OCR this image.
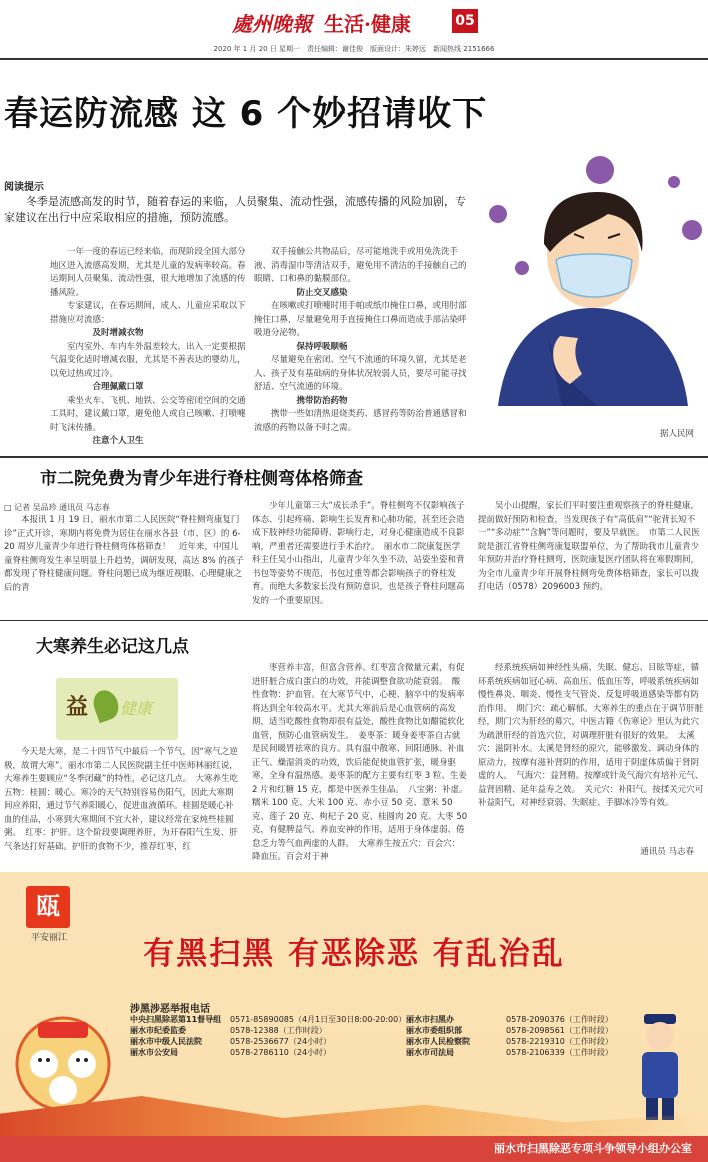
處州晚報 生活·健康	05
2020 年 1 月 20 日 星期一　责任编辑：谢佳俊　版面设计：朱婷远　新闻热线 2151666
春运防流感 这 6 个妙招请收下
阅读提示
冬季是流感高发的时节，随着春运的来临，人员聚集、流动性强，流感传播的风险加剧，专家建议在出行中应采取相应的措施，预防流感。

一年一度的春运已经来临，而现阶段全国大部分地区进入流感高发期，尤其是儿童的发病率较高。春运期间人员聚集、流动性强，很大地增加了流感的传播风险。

专家建议，在春运期间，成人、儿童应采取以下措施应对流感：

及时增减衣物

室内室外、车内车外温差较大，出入一定要根据气温变化适时增减衣服，尤其是不善表达的婴幼儿，以免过热或过冷。

合理佩戴口罩

乘坐火车、飞机、地铁、公交等密闭空间的交通工具时，建议戴口罩，避免他人或自己咳嗽、打喷嚏时飞沫传播。

注意个人卫生

双手接触公共物品后，尽可能地洗手或用免洗洗手液、消毒湿巾等清洁双手，避免用不清洁的手接触自己的眼睛、口和鼻的黏膜部位。

防止交叉感染

在咳嗽或打喷嚏时用手帕或纸巾掩住口鼻，或用肘部掩住口鼻，尽量避免用手直接掩住口鼻而造成手部沾染呼吸道分泌物。

保持呼吸顺畅

尽量避免在密闭、空气不流通的环境久留，尤其是老人、孩子及有基础病的身体状况较弱人员，要尽可能寻找舒适、空气流通的环境。

携带防治药物

携带一些如清热退烧类药、感冒药等防治普通感冒和流感的药物以备不时之需。

据人民网

市二院免费为青少年进行脊柱侧弯体格筛查
□ 记者 吴品珍 通讯员 马志春

本报讯 1 月 19 日，丽水市第二人民医院“脊柱侧弯康复门诊”正式开诊，寒期内将免费为居住在丽水各县（市、区）的 6-20 周岁儿童青少年进行脊柱侧弯体格筛查！　近年来，中国儿童脊柱侧弯发生率呈明显上升趋势，调研发现，高达 8% 的孩子都发现了脊柱健康问题。脊柱问题已成为继近视眼、心理健康之后的青

少年儿童第三大“成长杀手”。脊柱侧弯不仅影响孩子体态、引起疼痛、影响生长发育和心肺功能，甚至还会造成下肢神经功能障碍、影响行走，对身心健康造成不良影响，严重者还需要进行手术治疗。　丽水市二院康复医学科主任吴小山指出，儿童青少年久坐不动，站姿坐姿和背书包等姿势不规范，书包过重等都会影响孩子的脊柱发育。而绝大多数家长没有预防意识，也是孩子脊柱问题高发的一个重要原因。

吴小山提醒，家长们平时要注重观察孩子的脊柱健康，提前做好预防和检查，当发现孩子有“高低肩”“驼背长短不一”“多动症”“含胸”等问题时，要及早就医。　市第二人民医院是浙江省脊柱侧弯康复联盟单位，为了帮助我市儿童青少年预防并治疗脊柱侧弯，医院康复医疗团队将在寒假期间，为全市儿童青少年开展脊柱侧弯免费体格筛查，家长可以拨打电话（0578）2096003 预约。

大寒养生必记这几点
益 健康

今天是大寒，是二十四节气中最后一个节气，因“寒气之逆极，故谓大寒”。丽水市第二人民医院副主任中医师林丽红说，大寒养生要顾应“冬季闭藏”的特性，必记这几点。　大寒养生吃五物：桂圆：暖心。寒冷的天气特别容易伤阳气，因此大寒期间应养阳，通过节气养阳暖心，促进血液循环。桂圆是暖心补血的佳品，小寒到大寒期间不宜大补，建议经常在家炖些桂圆粥。　红枣：护肝。这个阶段要调理养肝，为开春阳气生发、肝气条达打好基础。护肝的食物不少，推荐红枣，红

枣营养丰富，但富含营养。红枣富含微量元素，有促进肝脏合成白蛋白的功效，并能调整食欲功能衰弱。　酸性食物：护血管。在大寒节气中，心梗、脑卒中的发病率将达到全年较高水平。尤其大寒前后是心血管病的高发期，适当吃酸性食物却很有益处，酸性食物比如醋能软化血管，预防心血管病发生。　姜枣茶：暖身姜枣茶自古就是民间暖胃祛寒的良方。具有温中散寒、回阳通脉、补血正气、燥湿消炎的功效，饮后能促使血管扩张，暖身驱寒，全身有温热感。姜枣茶的配方主要有红枣 3 粒、生姜 2 片和红糖 15 克，都是中医养生佳品。　八宝粥：补虚。糯米 100 克、大米 100 克、赤小豆 50 克、薏米 50 克、莲子 20 克、枸杞子 20 克、桂圆肉 20 克、大枣 50 克，有健脾益气、养血安神的作用，适用于身体虚弱、倦怠乏力等气血两虚的人群。　大寒养生按五穴：百会穴：降血压。百会对于神

经系统疾病如神经性头痛、失眠、健忘、目眩等症，循环系统疾病如冠心病、高血压、低血压等，呼吸系统疾病如慢性鼻炎、咽炎、慢性支气管炎、反复呼吸道感染等都有防治作用。　期门穴：疏心解郁。大寒养生的重点在于调节肝脏经，期门穴为肝经的募穴，中医古籍《伤寒论》里认为此穴为疏泄肝经的首选穴位，对调理肝脏有很好的效果。　太溪穴：滋阴补水。太溪是肾经的原穴，能够激发、调动身体的原动力，按摩有滋补肾阴的作用，适用于阴虚体质偏于肾阴虚的人。　气海穴：益肾精。按摩或针灸气海穴有培补元气、益肾固精、延年益寿之效。　关元穴：补阳气。按揉关元穴可补益阳气，对神经衰弱、失眠症、手脚冰冷等有效。

通讯员 马志春

瓯
平安丽江	有黑扫黑 有恶除恶 有乱治乱
涉黑涉恶举报电话
中央扫黑除恶第11督导组	0571-85890085（4月1日至30日8:00-20:00）
丽水市纪委监委	0578-12388（工作时段）
丽水市中级人民法院	0578-2536677（24小时）
丽水市公安局	0578-2786110（24小时）
丽水市扫黑办	0578-2090376（工作时段）
丽水市委组织部	0578-2098561（工作时段）
丽水市人民检察院	0578-2219310（工作时段）
丽水市司法局	0578-2106339（工作时段）
丽水市扫黑除恶专项斗争领导小组办公室
